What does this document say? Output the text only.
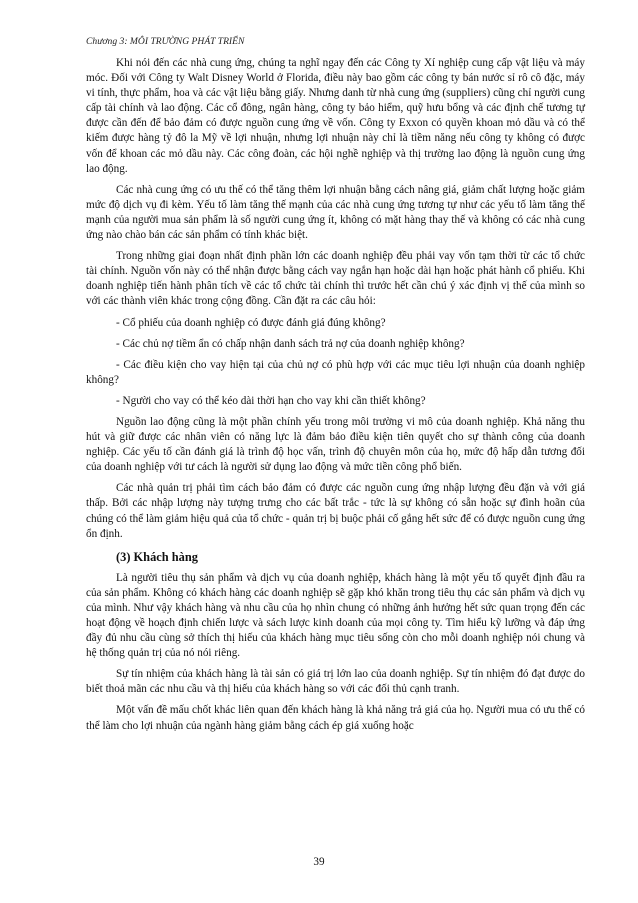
Chương 3: MÔI TRƯỜNG PHÁT TRIỂN

Khi nói đến các nhà cung ứng, chúng ta nghĩ ngay đến các Công ty Xí nghiệp cung cấp vật liệu và máy móc. Đối với Công ty Walt Disney World ở Florida, điều này bao gồm các công ty bán nước sỉ rô cô đặc, máy vi tính, thực phẩm, hoa và các vật liệu bằng giấy. Nhưng danh từ nhà cung ứng (suppliers) cũng chỉ người cung cấp tài chính và lao động. Các cổ đông, ngân hàng, công ty bảo hiểm, quỹ hưu bổng và các định chế tương tự được cần đến để bảo đảm có được nguồn cung ứng về vốn. Công ty Exxon có quyền khoan mỏ dầu và có thể kiếm được hàng tỷ đô la Mỹ về lợi nhuận, nhưng lợi nhuận này chỉ là tiềm năng nếu công ty không có được vốn để khoan các mỏ dầu này. Các công đoàn, các hội nghề nghiệp và thị trường lao động là nguồn cung ứng lao động.

Các nhà cung ứng có ưu thế có thể tăng thêm lợi nhuận bằng cách nâng giá, giảm chất lượng hoặc giảm mức độ dịch vụ đi kèm. Yếu tố làm tăng thế mạnh của các nhà cung ứng tương tự như các yếu tố làm tăng thế mạnh của người mua sản phẩm là số người cung ứng ít, không có mặt hàng thay thế và không có các nhà cung ứng nào chào bán các sản phẩm có tính khác biệt.

Trong những giai đoạn nhất định phần lớn các doanh nghiệp đều phải vay vốn tạm thời từ các tổ chức tài chính. Nguồn vốn này có thể nhận được bằng cách vay ngắn hạn hoặc dài hạn hoặc phát hành cổ phiếu. Khi doanh nghiệp tiến hành phân tích về các tổ chức tài chính thì trước hết cần chú ý xác định vị thế của mình so với các thành viên khác trong cộng đồng. Cần đặt ra các câu hỏi:

- Cổ phiếu của doanh nghiệp có được đánh giá đúng không?

- Các chủ nợ tiềm ẩn có chấp nhận danh sách trả nợ của doanh nghiệp không?

- Các điều kiện cho vay hiện tại của chủ nợ có phù hợp với các mục tiêu lợi nhuận của doanh nghiệp không?

- Người cho vay có thể kéo dài thời hạn cho vay khi cần thiết không?

Nguồn lao động cũng là một phần chính yếu trong môi trường vi mô của doanh nghiệp. Khả năng thu hút và giữ được các nhân viên có năng lực là đảm bảo điều kiện tiên quyết cho sự thành công của doanh nghiệp. Các yếu tố cần đánh giá là trình độ học vấn, trình độ chuyên môn của họ, mức độ hấp dẫn tương đối của doanh nghiệp với tư cách là người sử dụng lao động và mức tiền công phổ biến.

Các nhà quản trị phải tìm cách bảo đảm có được các nguồn cung ứng nhập lượng đều đặn và với giá thấp. Bởi các nhập lượng này tượng trưng cho các bất trắc - tức là sự không có sẵn hoặc sự đình hoãn của chúng có thể làm giảm hiệu quả của tổ chức - quản trị bị buộc phải cố gắng hết sức để có được nguồn cung ứng ổn định.

(3) Khách hàng

Là người tiêu thụ sản phẩm và dịch vụ của doanh nghiệp, khách hàng là một yếu tố quyết định đầu ra của sản phẩm. Không có khách hàng các doanh nghiệp sẽ gặp khó khăn trong tiêu thụ các sản phẩm và dịch vụ của mình. Như vậy khách hàng và nhu cầu của họ nhìn chung có những ảnh hưởng hết sức quan trọng đến các hoạt động về hoạch định chiến lược và sách lược kinh doanh của mọi công ty. Tìm hiểu kỹ lưỡng và đáp ứng đầy đủ nhu cầu cùng sở thích thị hiếu của khách hàng mục tiêu sống còn cho mỗi doanh nghiệp nói chung và hệ thống quản trị của nó nói riêng.

Sự tín nhiệm của khách hàng là tài sản có giá trị lớn lao của doanh nghiệp. Sự tín nhiệm đó đạt được do biết thoả mãn các nhu cầu và thị hiếu của khách hàng so với các đối thủ cạnh tranh.

Một vấn đề mấu chốt khác liên quan đến khách hàng là khả năng trả giá của họ. Người mua có ưu thế có thể làm cho lợi nhuận của ngành hàng giảm bằng cách ép giá xuống hoặc

39
